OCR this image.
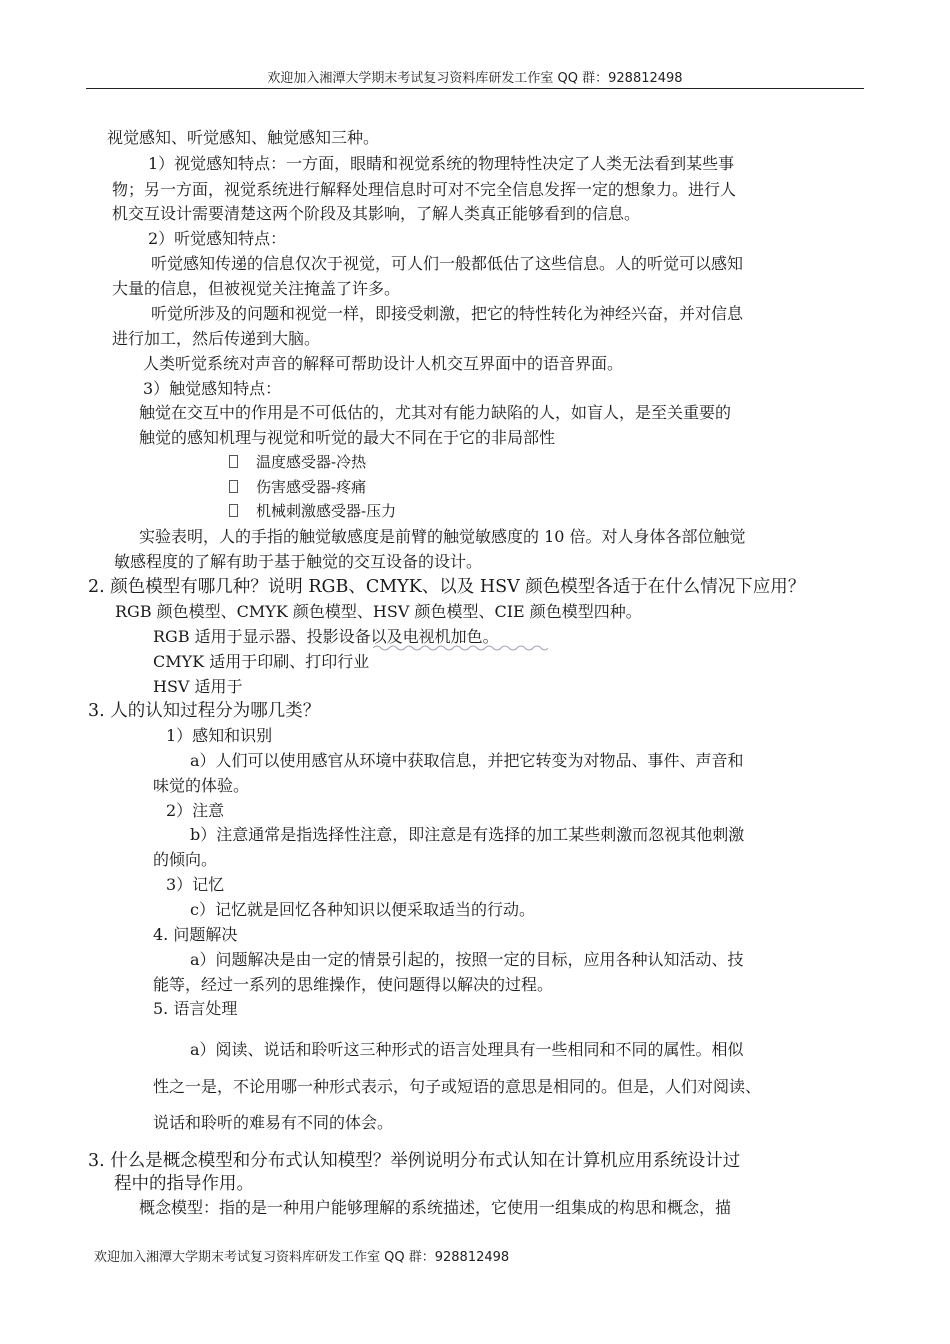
欢迎加入湘潭大学期末考试复习资料库研发工作室 QQ 群：928812498
视觉感知、听觉感知、触觉感知三种。
1）视觉感知特点：一方面，眼睛和视觉系统的物理特性决定了人类无法看到某些事
物；另一方面，视觉系统进行解释处理信息时可对不完全信息发挥一定的想象力。进行人
机交互设计需要清楚这两个阶段及其影响，了解人类真正能够看到的信息。
2）听觉感知特点：
听觉感知传递的信息仅次于视觉，可人们一般都低估了这些信息。人的听觉可以感知
大量的信息，但被视觉关注掩盖了许多。
听觉所涉及的问题和视觉一样，即接受刺激，把它的特性转化为神经兴奋，并对信息
进行加工，然后传递到大脑。
人类听觉系统对声音的解释可帮助设计人机交互界面中的语音界面。
3）触觉感知特点：
触觉在交互中的作用是不可低估的，尤其对有能力缺陷的人，如盲人，是至关重要的
触觉的感知机理与视觉和听觉的最大不同在于它的非局部性
温度感受器-冷热
伤害感受器-疼痛
机械刺激感受器-压力
实验表明，人的手指的触觉敏感度是前臂的触觉敏感度的 10 倍。对人身体各部位触觉
敏感程度的了解有助于基于触觉的交互设备的设计。
2. 颜色模型有哪几种？说明 RGB、CMYK、以及 HSV 颜色模型各适于在什么情况下应用？
RGB 颜色模型、CMYK 颜色模型、HSV 颜色模型、CIE 颜色模型四种。
RGB 适用于显示器、投影设备以及电视机加色。
CMYK 适用于印刷、打印行业
HSV 适用于
3. 人的认知过程分为哪几类？
1）感知和识别
a）人们可以使用感官从环境中获取信息，并把它转变为对物品、事件、声音和
味觉的体验。
2）注意
b）注意通常是指选择性注意，即注意是有选择的加工某些刺激而忽视其他刺激
的倾向。
3）记忆
c）记忆就是回忆各种知识以便采取适当的行动。
4. 问题解决
a）问题解决是由一定的情景引起的，按照一定的目标，应用各种认知活动、技
能等，经过一系列的思维操作，使问题得以解决的过程。
5. 语言处理
a）阅读、说话和聆听这三种形式的语言处理具有一些相同和不同的属性。相似
性之一是，不论用哪一种形式表示，句子或短语的意思是相同的。但是，人们对阅读、
说话和聆听的难易有不同的体会。
3. 什么是概念模型和分布式认知模型？举例说明分布式认知在计算机应用系统设计过
程中的指导作用。
概念模型：指的是一种用户能够理解的系统描述，它使用一组集成的构思和概念，描
欢迎加入湘潭大学期末考试复习资料库研发工作室 QQ 群：928812498
